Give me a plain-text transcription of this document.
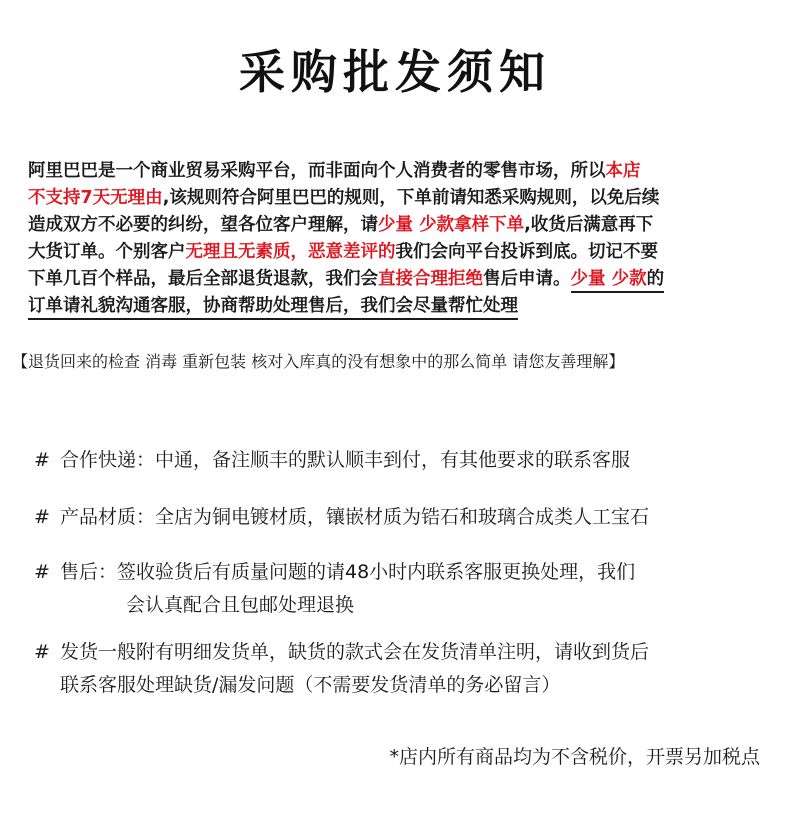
采购批发须知
阿里巴巴是一个商业贸易采购平台，而非面向个人消费者的零售市场，所以本店
不支持7天无理由,该规则符合阿里巴巴的规则，下单前请知悉采购规则，以免后续
造成双方不必要的纠纷，望各位客户理解，请少量 少款拿样下单,收货后满意再下
大货订单。个别客户无理且无素质，恶意差评的我们会向平台投诉到底。切记不要
下单几百个样品，最后全部退货退款，我们会直接合理拒绝售后申请。少量 少款的
订单请礼貌沟通客服，协商帮助处理售后，我们会尽量帮忙处理
【退货回来的检查 消毒 重新包装 核对入库真的没有想象中的那么简单 请您友善理解】
# 合作快递：中通，备注顺丰的默认顺丰到付，有其他要求的联系客服
# 产品材质：全店为铜电镀材质，镶嵌材质为锆石和玻璃合成类人工宝石
# 售后：签收验货后有质量问题的请48小时内联系客服更换处理，我们
会认真配合且包邮处理退换
# 发货一般附有明细发货单，缺货的款式会在发货清单注明，请收到货后
联系客服处理缺货/漏发问题（不需要发货清单的务必留言）
*店内所有商品均为不含税价，开票另加税点
